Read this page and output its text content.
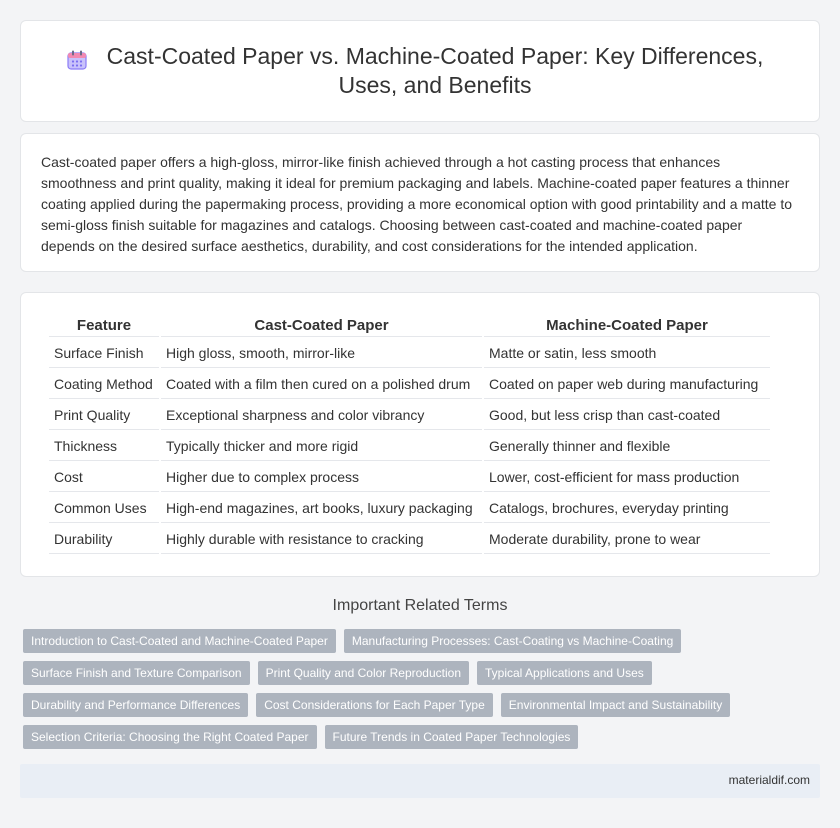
Cast-Coated Paper vs. Machine-Coated Paper: Key Differences, Uses, and Benefits

Cast-coated paper offers a high-gloss, mirror-like finish achieved through a hot casting process that enhances smoothness and print quality, making it ideal for premium packaging and labels. Machine-coated paper features a thinner coating applied during the papermaking process, providing a more economical option with good printability and a matte to semi-gloss finish suitable for magazines and catalogs. Choosing between cast-coated and machine-coated paper depends on the desired surface aesthetics, durability, and cost considerations for the intended application.

Feature	Cast-Coated Paper	Machine-Coated Paper
Surface Finish	High gloss, smooth, mirror-like	Matte or satin, less smooth
Coating Method	Coated with a film then cured on a polished drum	Coated on paper web during manufacturing
Print Quality	Exceptional sharpness and color vibrancy	Good, but less crisp than cast-coated
Thickness	Typically thicker and more rigid	Generally thinner and flexible
Cost	Higher due to complex process	Lower, cost-efficient for mass production
Common Uses	High-end magazines, art books, luxury packaging	Catalogs, brochures, everyday printing
Durability	Highly durable with resistance to cracking	Moderate durability, prone to wear
Important Related Terms
Introduction to Cast-Coated and Machine-Coated Paper	Manufacturing Processes: Cast-Coating vs Machine-Coating
Surface Finish and Texture Comparison	Print Quality and Color Reproduction	Typical Applications and Uses
Durability and Performance Differences	Cost Considerations for Each Paper Type	Environmental Impact and Sustainability
Selection Criteria: Choosing the Right Coated Paper	Future Trends in Coated Paper Technologies
materialdif.com
